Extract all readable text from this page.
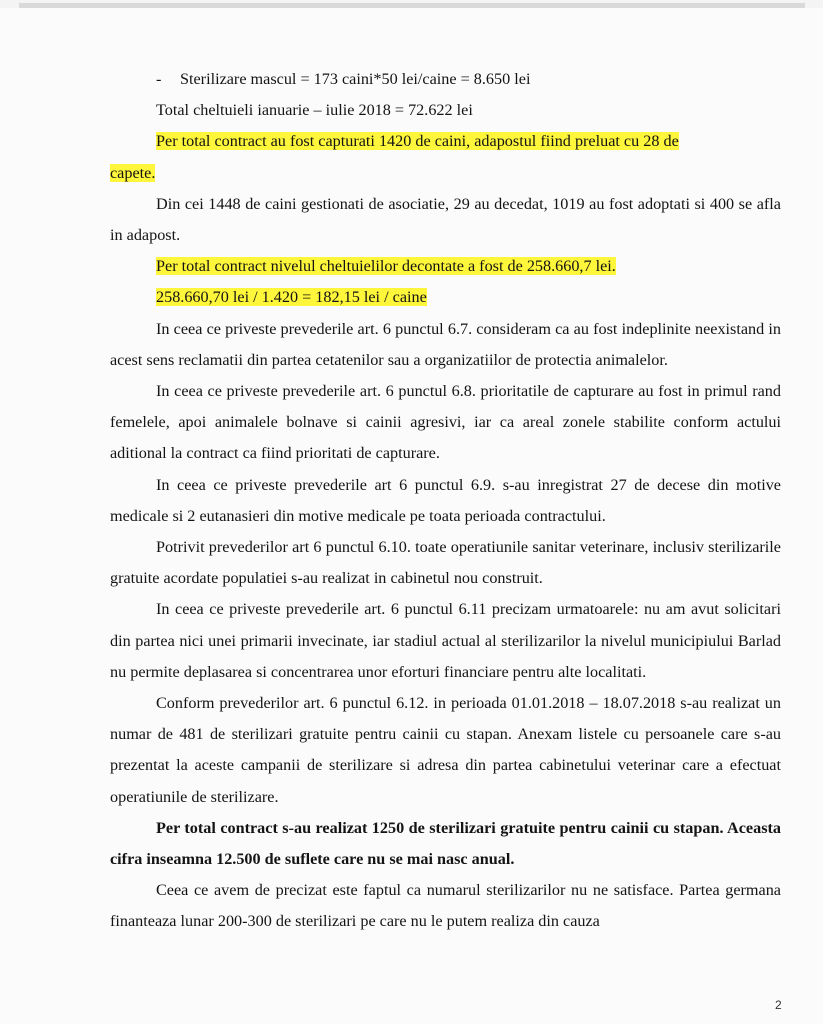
- Sterilizare mascul = 173 caini*50 lei/caine = 8.650 lei

Total cheltuieli ianuarie – iulie 2018 = 72.622 lei

Per total contract au fost capturati 1420 de caini, adapostul fiind preluat cu 28 de
capete.

Din cei 1448 de caini gestionati de asociatie, 29 au decedat, 1019 au fost adoptati si 400 se afla in adapost.

Per total contract nivelul cheltuielilor decontate a fost de 258.660,7 lei.

258.660,70 lei / 1.420 = 182,15 lei / caine

In ceea ce priveste prevederile art. 6 punctul 6.7. consideram ca au fost indeplinite neexistand in acest sens reclamatii din partea cetatenilor sau a organizatiilor de protectia animalelor.

In ceea ce priveste prevederile art. 6 punctul 6.8. prioritatile de capturare au fost in primul rand femelele, apoi animalele bolnave si cainii agresivi, iar ca areal zonele stabilite conform actului aditional la contract ca fiind prioritati de capturare.

In ceea ce priveste prevederile art 6 punctul 6.9. s-au inregistrat 27 de decese din motive medicale si 2 eutanasieri din motive medicale pe toata perioada contractului.

Potrivit prevederilor art 6 punctul 6.10. toate operatiunile sanitar veterinare, inclusiv sterilizarile gratuite acordate populatiei s-au realizat in cabinetul nou construit.

In ceea ce priveste prevederile art. 6 punctul 6.11 precizam urmatoarele: nu am avut solicitari din partea nici unei primarii invecinate, iar stadiul actual al sterilizarilor la nivelul municipiului Barlad nu permite deplasarea si concentrarea unor eforturi financiare pentru alte localitati.

Conform prevederilor art. 6 punctul 6.12. in perioada 01.01.2018 – 18.07.2018 s-au realizat un numar de 481 de sterilizari gratuite pentru cainii cu stapan. Anexam listele cu persoanele care s-au prezentat la aceste campanii de sterilizare si adresa din partea cabinetului veterinar care a efectuat operatiunile de sterilizare.

Per total contract s-au realizat 1250 de sterilizari gratuite pentru cainii cu stapan. Aceasta cifra inseamna 12.500 de suflete care nu se mai nasc anual.

Ceea ce avem de precizat este faptul ca numarul sterilizarilor nu ne satisface. Partea germana finanteaza lunar 200-300 de sterilizari pe care nu le putem realiza din cauza

2
